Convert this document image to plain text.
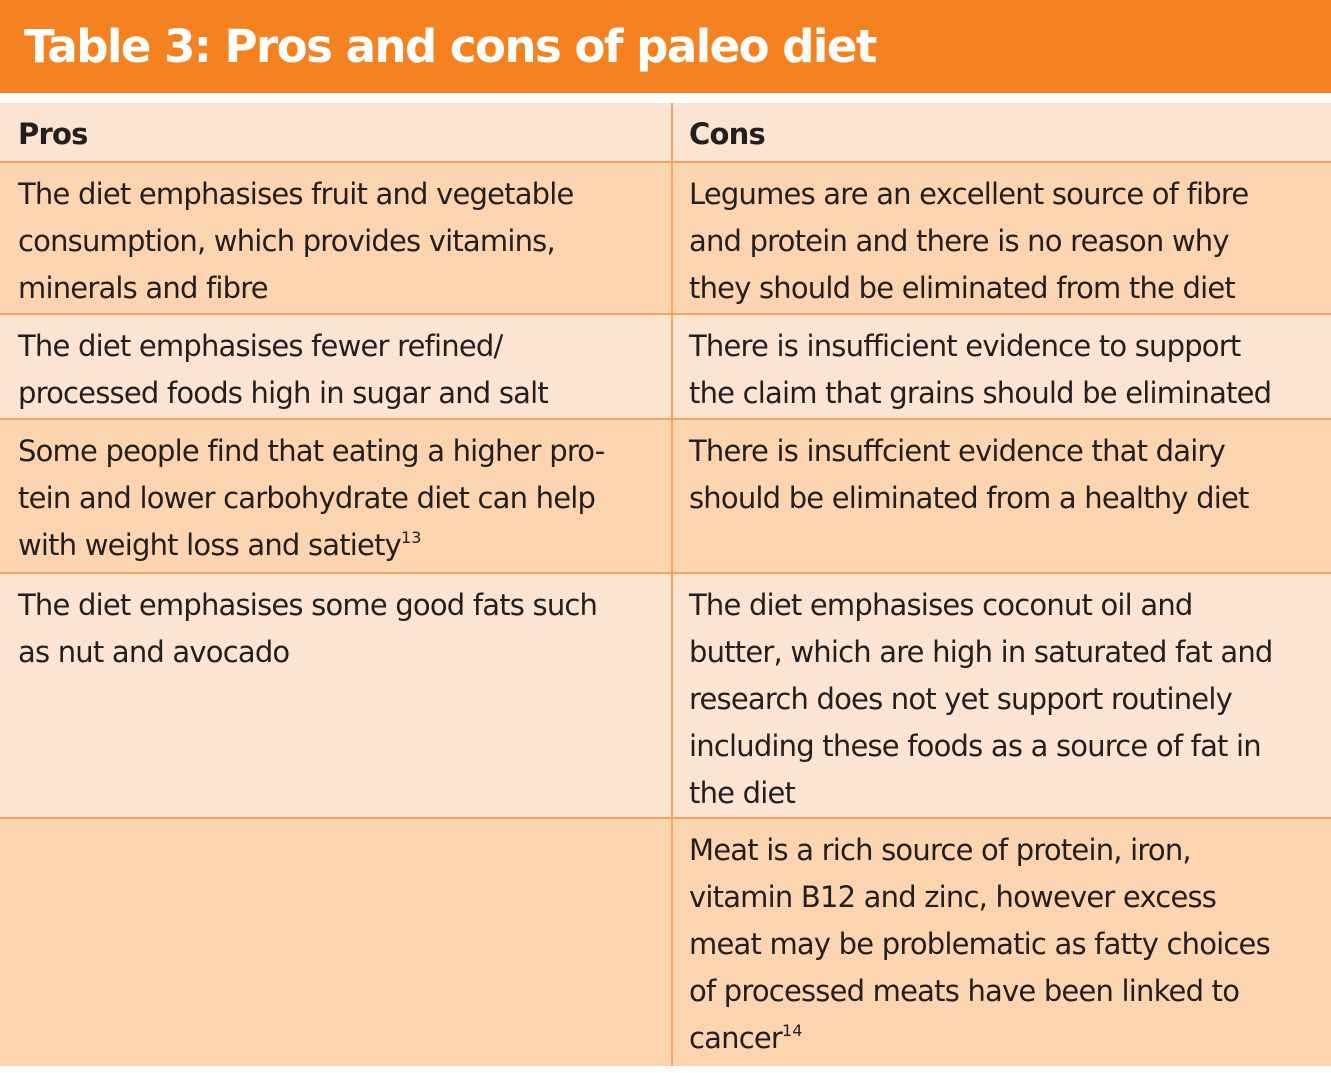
Table 3: Pros and cons of paleo diet
Pros	Cons
The diet emphasises fruit and vegetable
consumption, which provides vitamins,
minerals and fibre
Legumes are an excellent source of fibre
and protein and there is no reason why
they should be eliminated from the diet
The diet emphasises fewer refined/
processed foods high in sugar and salt
There is insufficient evidence to support
the claim that grains should be eliminated
Some people find that eating a higher pro-
tein and lower carbohydrate diet can help
with weight loss and satiety$^{13}$
There is insuffcient evidence that dairy
should be eliminated from a healthy diet
The diet emphasises some good fats such
as nut and avocado
The diet emphasises coconut oil and
butter, which are high in saturated fat and
research does not yet support routinely
including these foods as a source of fat in
the diet
Meat is a rich source of protein, iron,
vitamin B12 and zinc, however excess
meat may be problematic as fatty choices
of processed meats have been linked to
cancer$^{14}$
